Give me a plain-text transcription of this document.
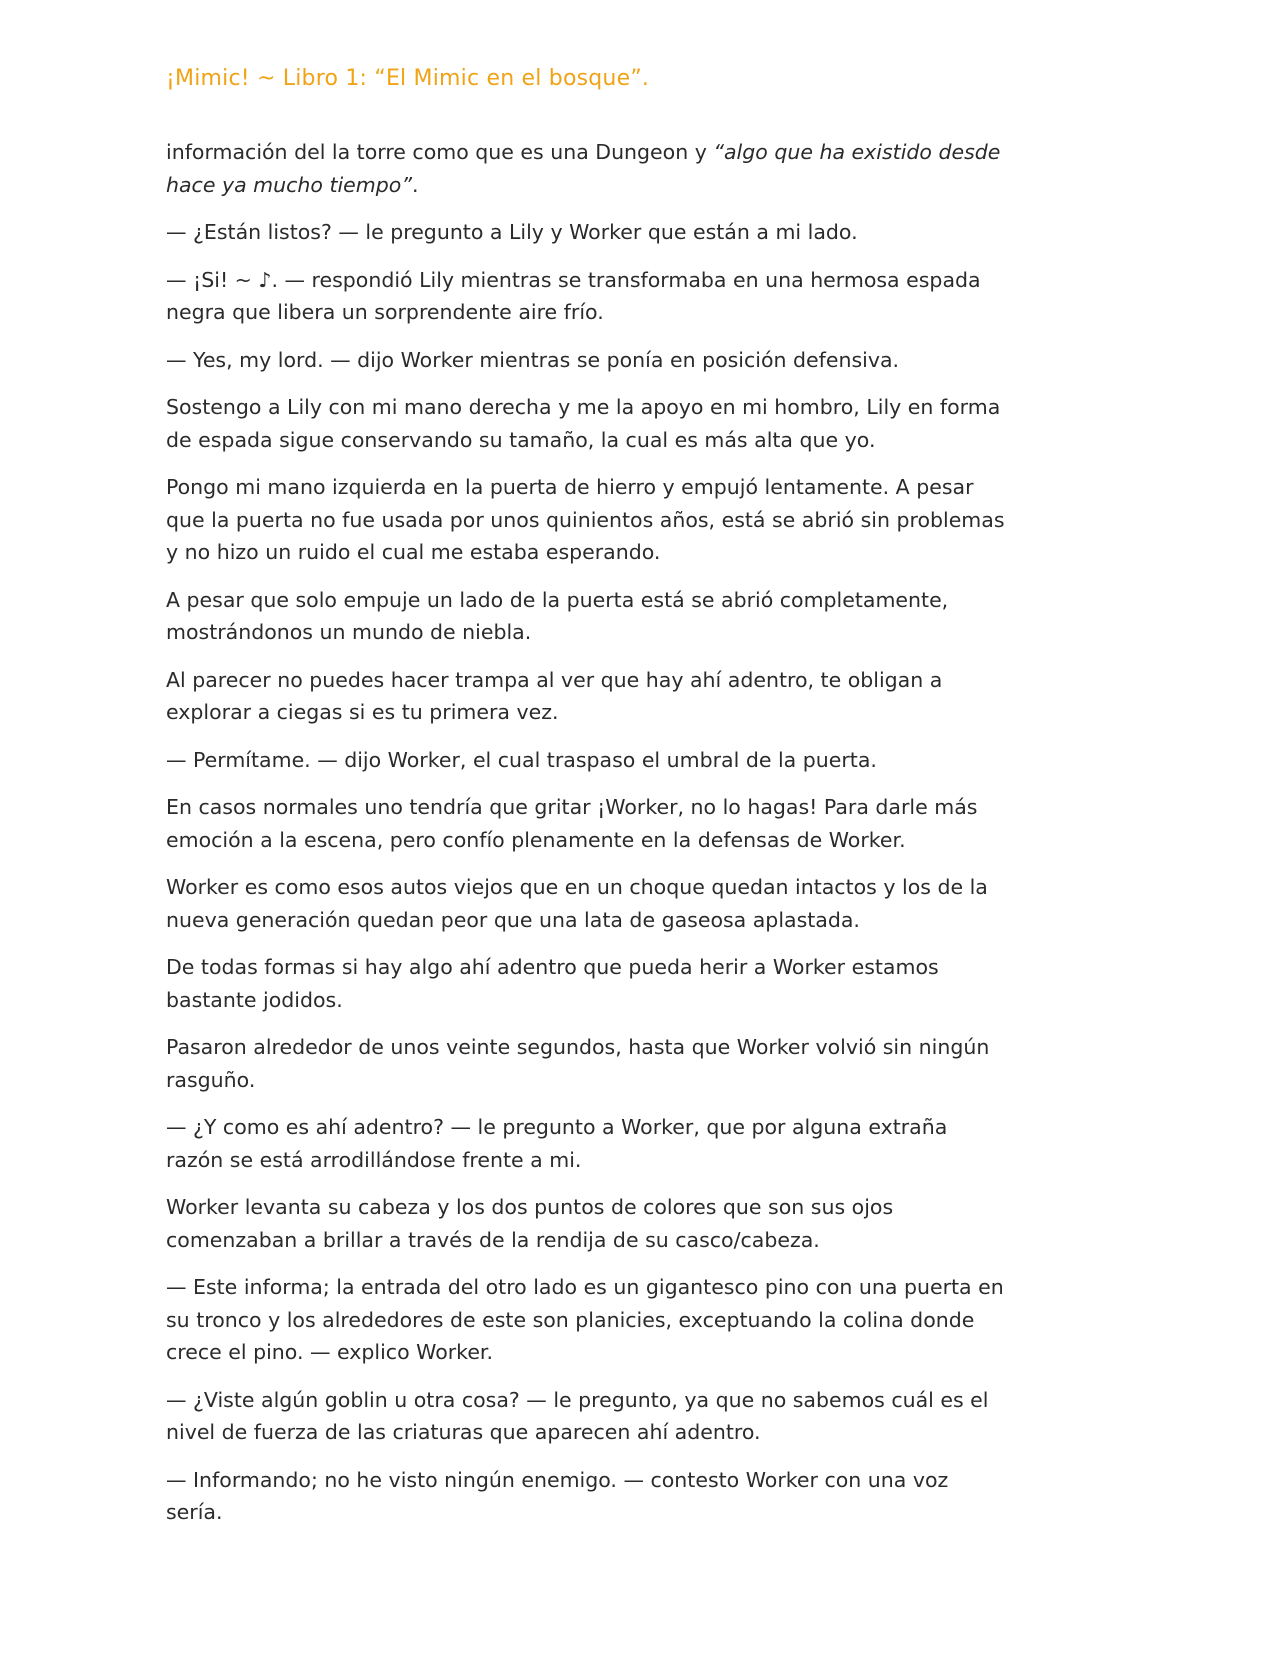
¡Mimic! ~ Libro 1: “El Mimic en el bosque”.

información del la torre como que es una Dungeon y “algo que ha existido desde hace ya mucho tiempo”.

— ¿Están listos? — le pregunto a Lily y Worker que están a mi lado.

— ¡Si! ~ ♪. — respondió Lily mientras se transformaba en una hermosa espada negra que libera un sorprendente aire frío.

— Yes, my lord. — dijo Worker mientras se ponía en posición defensiva.

Sostengo a Lily con mi mano derecha y me la apoyo en mi hombro, Lily en forma de espada sigue conservando su tamaño, la cual es más alta que yo.

Pongo mi mano izquierda en la puerta de hierro y empujó lentamente. A pesar que la puerta no fue usada por unos quinientos años, está se abrió sin problemas y no hizo un ruido el cual me estaba esperando.

A pesar que solo empuje un lado de la puerta está se abrió completamente, mostrándonos un mundo de niebla.

Al parecer no puedes hacer trampa al ver que hay ahí adentro, te obligan a explorar a ciegas si es tu primera vez.

— Permítame. — dijo Worker, el cual traspaso el umbral de la puerta.

En casos normales uno tendría que gritar ¡Worker, no lo hagas! Para darle más emoción a la escena, pero confío plenamente en la defensas de Worker.

Worker es como esos autos viejos que en un choque quedan intactos y los de la nueva generación quedan peor que una lata de gaseosa aplastada.

De todas formas si hay algo ahí adentro que pueda herir a Worker estamos bastante jodidos.

Pasaron alrededor de unos veinte segundos, hasta que Worker volvió sin ningún rasguño.

— ¿Y como es ahí adentro? — le pregunto a Worker, que por alguna extraña razón se está arrodillándose frente a mi.

Worker levanta su cabeza y los dos puntos de colores que son sus ojos comenzaban a brillar a través de la rendija de su casco/cabeza.

— Este informa; la entrada del otro lado es un gigantesco pino con una puerta en su tronco y los alrededores de este son planicies, exceptuando la colina donde crece el pino. — explico Worker.

— ¿Viste algún goblin u otra cosa? — le pregunto, ya que no sabemos cuál es el nivel de fuerza de las criaturas que aparecen ahí adentro.

— Informando; no he visto ningún enemigo. — contesto Worker con una voz sería.
